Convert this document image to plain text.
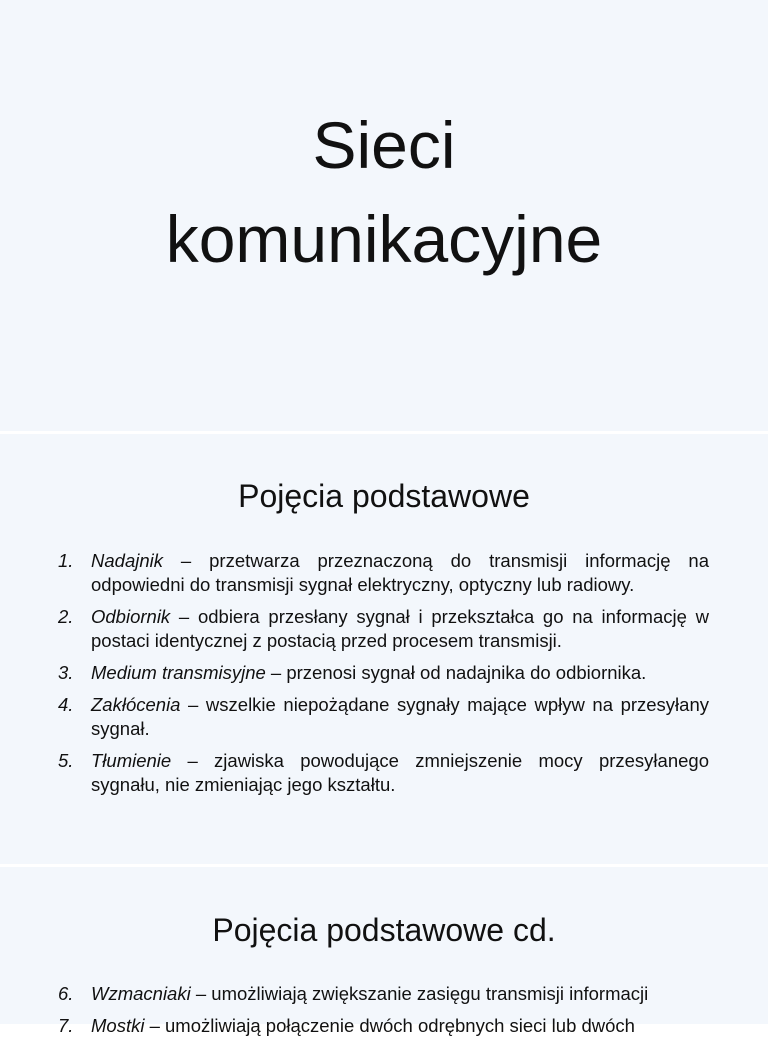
Sieci
komunikacyjne
Pojęcia podstawowe
1. Nadajnik – przetwarza przeznaczoną do transmisji informację na odpowiedni do transmisji sygnał elektryczny, optyczny lub radiowy.
2. Odbiornik – odbiera przesłany sygnał i przekształca go na informację w postaci identycznej z postacią przed procesem transmisji.
3. Medium transmisyjne – przenosi sygnał od nadajnika do odbiornika.
4. Zakłócenia – wszelkie niepożądane sygnały mające wpływ na przesyłany sygnał.
5. Tłumienie – zjawiska powodujące zmniejszenie mocy przesyłanego sygnału, nie zmieniając jego kształtu.
Pojęcia podstawowe cd.
6. Wzmacniaki – umożliwiają zwiększanie zasięgu transmisji informacji
7. Mostki – umożliwiają połączenie dwóch odrębnych sieci lub dwóch
